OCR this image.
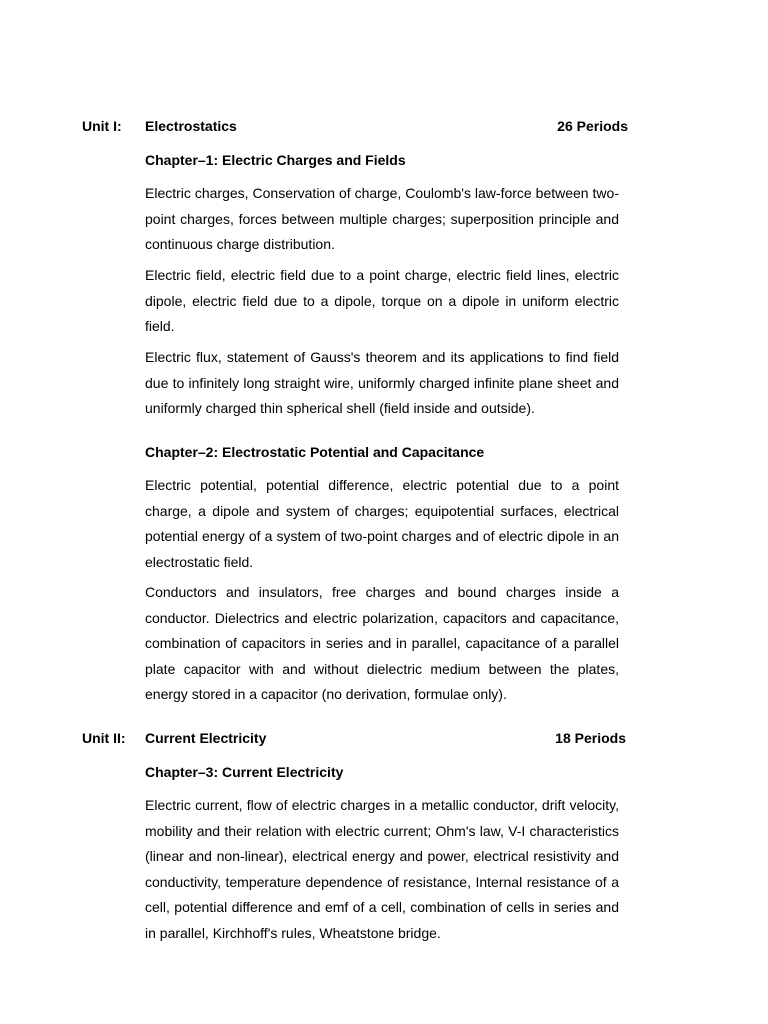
Unit I: Electrostatics	26 Periods
Chapter–1: Electric Charges and Fields

Electric charges, Conservation of charge, Coulomb's law-force between two- point charges, forces between multiple charges; superposition principle and continuous charge distribution.

Electric field, electric field due to a point charge, electric field lines, electric dipole, electric field due to a dipole, torque on a dipole in uniform electric field.

Electric flux, statement of Gauss's theorem and its applications to find field due to infinitely long straight wire, uniformly charged infinite plane sheet and uniformly charged thin spherical shell (field inside and outside).

Chapter–2: Electrostatic Potential and Capacitance

Electric potential, potential difference, electric potential due to a point charge, a dipole and system of charges; equipotential surfaces, electrical potential energy of a system of two-point charges and of electric dipole in an electrostatic field.

Conductors and insulators, free charges and bound charges inside a conductor. Dielectrics and electric polarization, capacitors and capacitance, combination of capacitors in series and in parallel, capacitance of a parallel plate capacitor with and without dielectric medium between the plates, energy stored in a capacitor (no derivation, formulae only).

Unit II: Current Electricity	18 Periods
Chapter–3: Current Electricity

Electric current, flow of electric charges in a metallic conductor, drift velocity, mobility and their relation with electric current; Ohm's law, V-I characteristics (linear and non-linear), electrical energy and power, electrical resistivity and conductivity, temperature dependence of resistance, Internal resistance of a cell, potential difference and emf of a cell, combination of cells in series and in parallel, Kirchhoff's rules, Wheatstone bridge.
